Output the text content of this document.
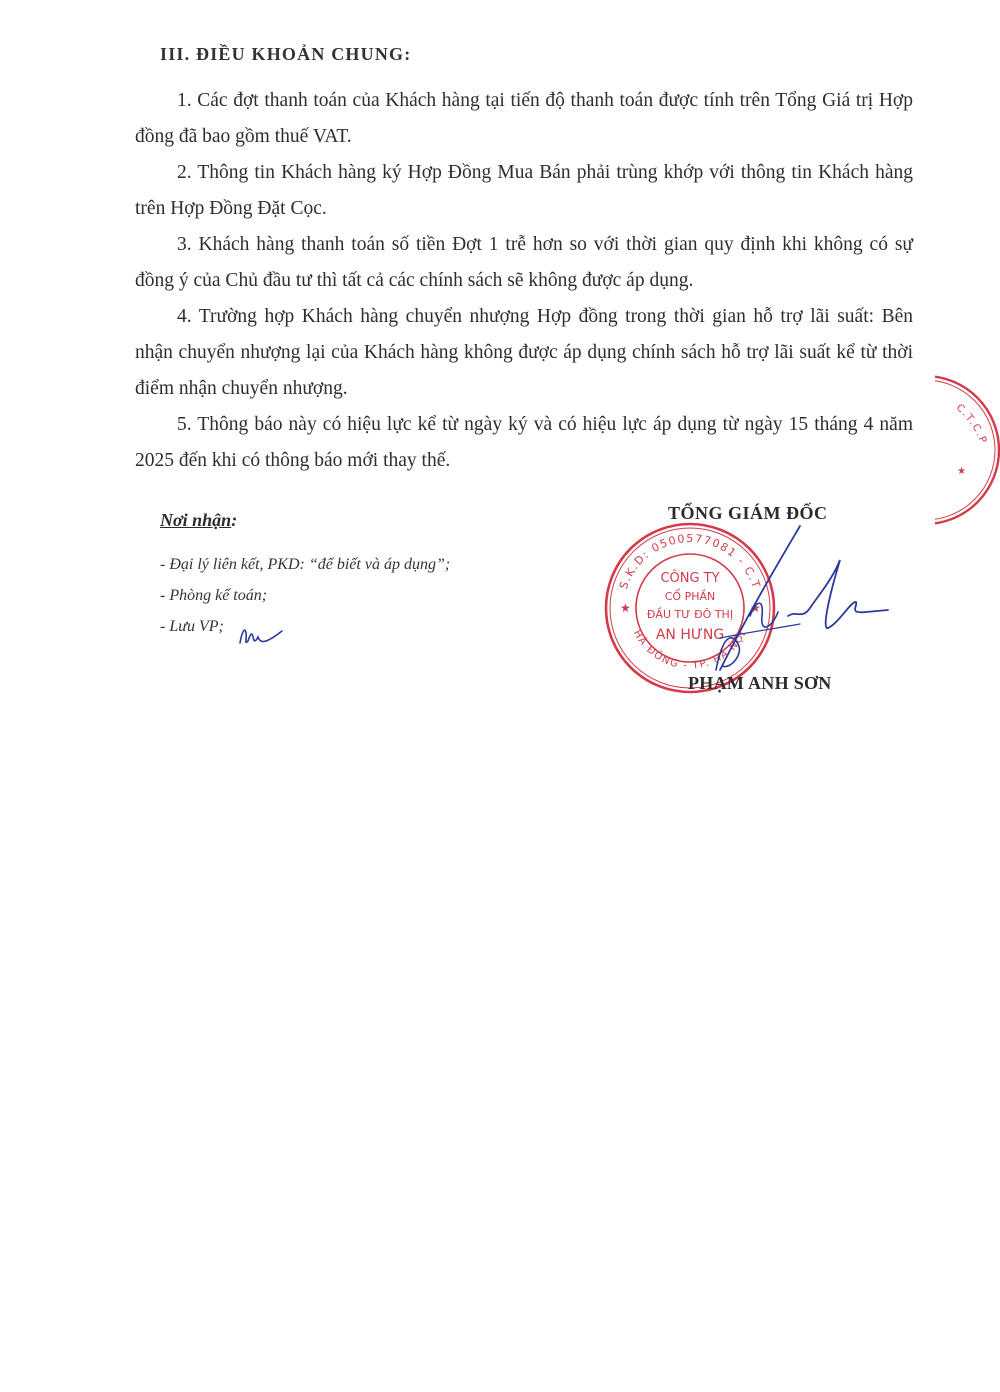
III. ĐIỀU KHOẢN CHUNG:

1. Các đợt thanh toán của Khách hàng tại tiến độ thanh toán được tính trên Tổng Giá trị Hợp đồng đã bao gồm thuế VAT.

2. Thông tin Khách hàng ký Hợp Đồng Mua Bán phải trùng khớp với thông tin Khách hàng trên Hợp Đồng Đặt Cọc.

3. Khách hàng thanh toán số tiền Đợt 1 trễ hơn so với thời gian quy định khi không có sự đồng ý của Chủ đầu tư thì tất cả các chính sách sẽ không được áp dụng.

4. Trường hợp Khách hàng chuyển nhượng Hợp đồng trong thời gian hỗ trợ lãi suất: Bên nhận chuyển nhượng lại của Khách hàng không được áp dụng chính sách hỗ trợ lãi suất kể từ thời điểm nhận chuyển nhượng.

5. Thông báo này có hiệu lực kể từ ngày ký và có hiệu lực áp dụng từ ngày 15 tháng 4 năm 2025 đến khi có thông báo mới thay thế.

Nơi nhận:
- Đại lý liên kết, PKD: “để biết và áp dụng”;
- Phòng kế toán;
- Lưu VP;
S.K.D: 0500577081 - C.T
HÀ ĐÔNG - TP. HÀ NỘI
★	★
CÔNG TY
CỔ PHẦN
ĐẦU TƯ ĐÔ THỊ
AN HƯNG
TỔNG GIÁM ĐỐC
PHẠM ANH SƠN
C.T.C.P
★
